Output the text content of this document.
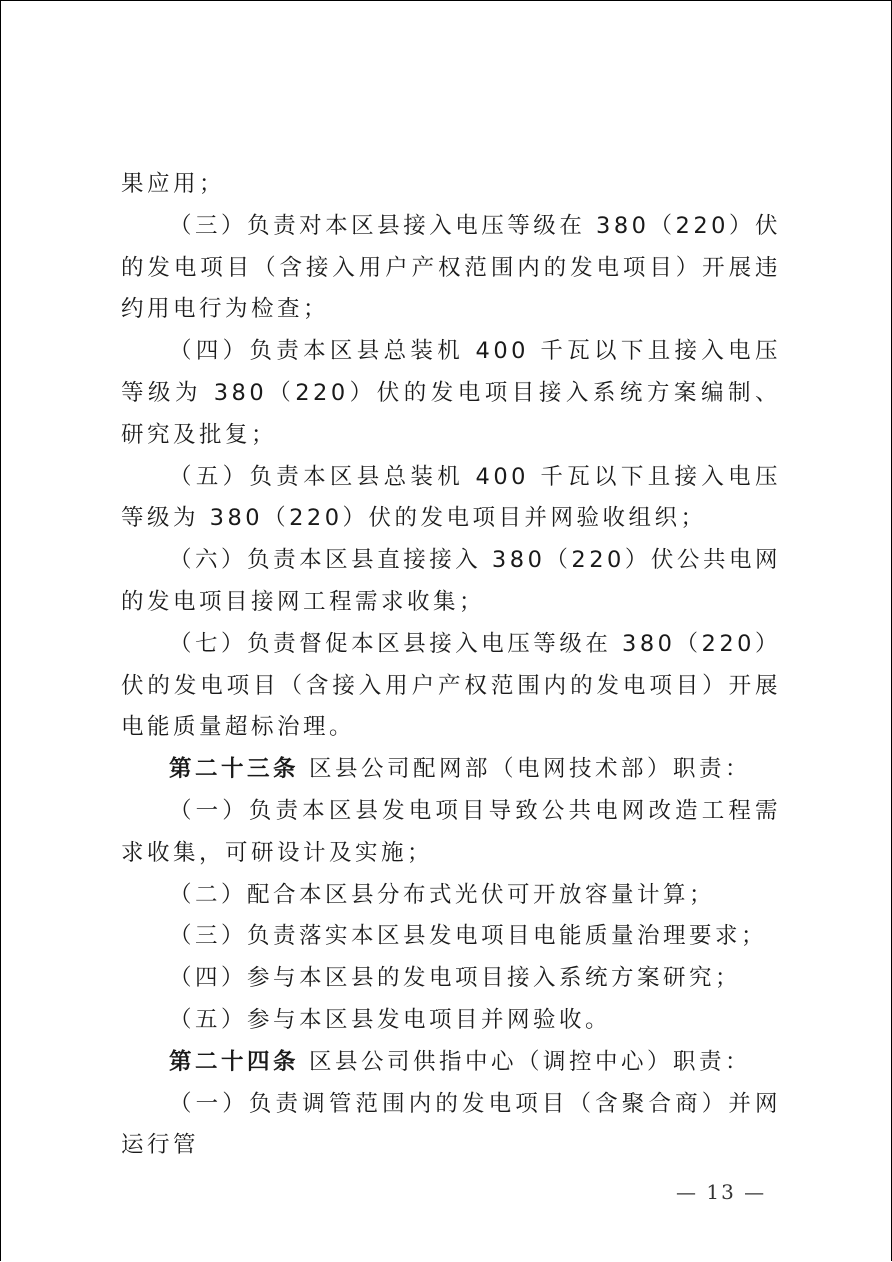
果应用；

（三）负责对本区县接入电压等级在 380（220）伏的发电项目（含接入用户产权范围内的发电项目）开展违约用电行为检查；

（四）负责本区县总装机 400 千瓦以下且接入电压等级为 380（220）伏的发电项目接入系统方案编制、研究及批复；

（五）负责本区县总装机 400 千瓦以下且接入电压等级为 380（220）伏的发电项目并网验收组织；

（六）负责本区县直接接入 380（220）伏公共电网的发电项目接网工程需求收集；

（七）负责督促本区县接入电压等级在 380（220）伏的发电项目（含接入用户产权范围内的发电项目）开展电能质量超标治理。

第二十三条 区县公司配网部（电网技术部）职责：

（一）负责本区县发电项目导致公共电网改造工程需求收集，可研设计及实施；

（二）配合本区县分布式光伏可开放容量计算；

（三）负责落实本区县发电项目电能质量治理要求；

（四）参与本区县的发电项目接入系统方案研究；

（五）参与本区县发电项目并网验收。

第二十四条 区县公司供指中心（调控中心）职责：

（一）负责调管范围内的发电项目（含聚合商）并网运行管

— 13 —
